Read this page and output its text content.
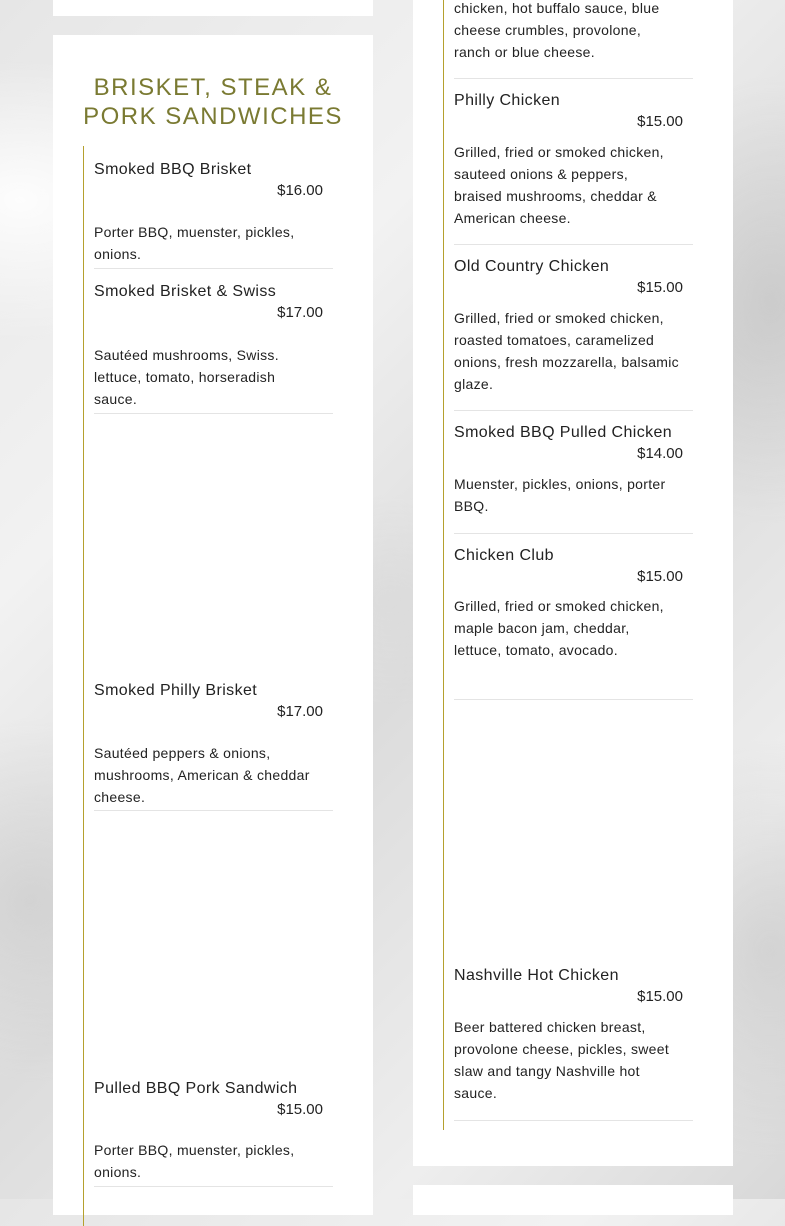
BRISKET, STEAK & PORK SANDWICHES
Smoked BBQ Brisket
$16.00
Porter BBQ, muenster, pickles, onions.
Smoked Brisket & Swiss
$17.00
Sautéed mushrooms, Swiss. lettuce, tomato, horseradish sauce.
Smoked Philly Brisket
$17.00
Sautéed peppers & onions, mushrooms, American & cheddar cheese.
Pulled BBQ Pork Sandwich
$15.00
Porter BBQ, muenster, pickles, onions.
chicken, hot buffalo sauce, blue cheese crumbles, provolone, ranch or blue cheese.
Philly Chicken
$15.00
Grilled, fried or smoked chicken, sauteed onions & peppers, braised mushrooms, cheddar & American cheese.
Old Country Chicken
$15.00
Grilled, fried or smoked chicken, roasted tomatoes, caramelized onions, fresh mozzarella, balsamic glaze.
Smoked BBQ Pulled Chicken
$14.00
Muenster, pickles, onions, porter BBQ.
Chicken Club
$15.00
Grilled, fried or smoked chicken, maple bacon jam, cheddar, lettuce, tomato, avocado.
Nashville Hot Chicken
$15.00
Beer battered chicken breast, provolone cheese, pickles, sweet slaw and tangy Nashville hot sauce.
